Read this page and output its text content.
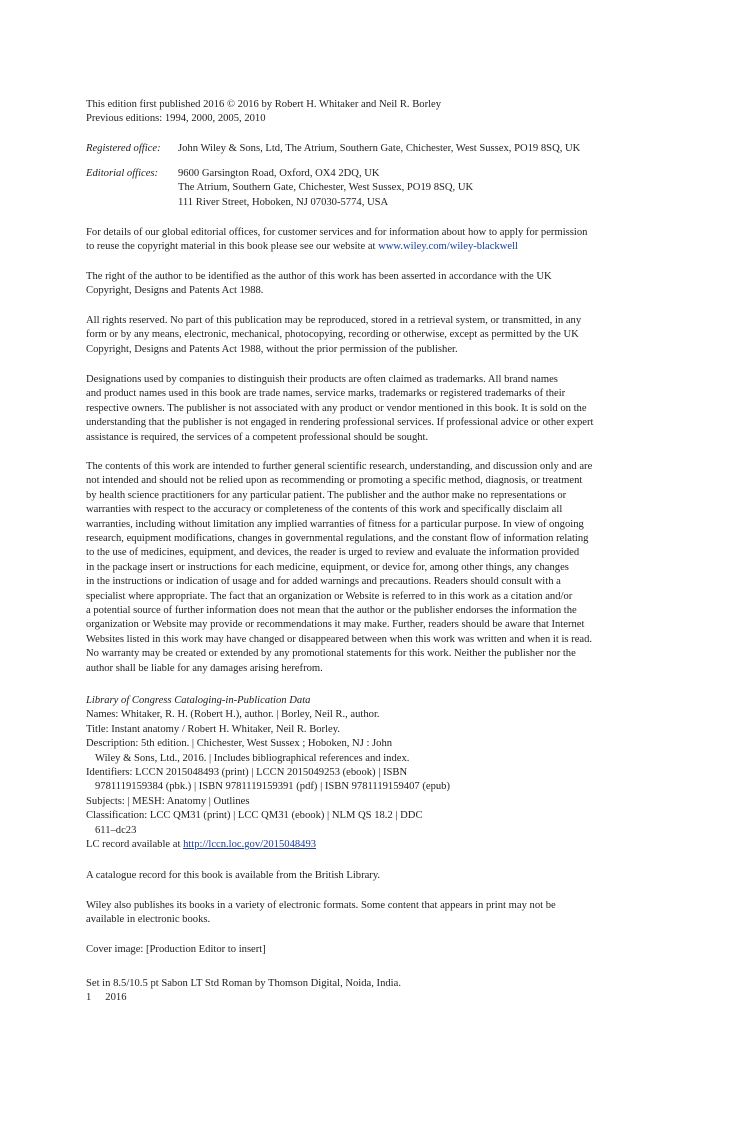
This edition first published 2016 © 2016 by Robert H. Whitaker and Neil R. Borley
Previous editions: 1994, 2000, 2005, 2010
Registered office: John Wiley & Sons, Ltd, The Atrium, Southern Gate, Chichester, West Sussex, PO19 8SQ, UK
Editorial offices: 9600 Garsington Road, Oxford, OX4 2DQ, UK
The Atrium, Southern Gate, Chichester, West Sussex, PO19 8SQ, UK
111 River Street, Hoboken, NJ 07030-5774, USA
For details of our global editorial offices, for customer services and for information about how to apply for permission
to reuse the copyright material in this book please see our website at www.wiley.com/wiley-blackwell
The right of the author to be identified as the author of this work has been asserted in accordance with the UK
Copyright, Designs and Patents Act 1988.
All rights reserved. No part of this publication may be reproduced, stored in a retrieval system, or transmitted, in any
form or by any means, electronic, mechanical, photocopying, recording or otherwise, except as permitted by the UK
Copyright, Designs and Patents Act 1988, without the prior permission of the publisher.
Designations used by companies to distinguish their products are often claimed as trademarks. All brand names
and product names used in this book are trade names, service marks, trademarks or registered trademarks of their
respective owners. The publisher is not associated with any product or vendor mentioned in this book. It is sold on the
understanding that the publisher is not engaged in rendering professional services. If professional advice or other expert
assistance is required, the services of a competent professional should be sought.
The contents of this work are intended to further general scientific research, understanding, and discussion only and are
not intended and should not be relied upon as recommending or promoting a specific method, diagnosis, or treatment
by health science practitioners for any particular patient. The publisher and the author make no representations or
warranties with respect to the accuracy or completeness of the contents of this work and specifically disclaim all
warranties, including without limitation any implied warranties of fitness for a particular purpose. In view of ongoing
research, equipment modifications, changes in governmental regulations, and the constant flow of information relating
to the use of medicines, equipment, and devices, the reader is urged to review and evaluate the information provided
in the package insert or instructions for each medicine, equipment, or device for, among other things, any changes
in the instructions or indication of usage and for added warnings and precautions. Readers should consult with a
specialist where appropriate. The fact that an organization or Website is referred to in this work as a citation and/or
a potential source of further information does not mean that the author or the publisher endorses the information the
organization or Website may provide or recommendations it may make. Further, readers should be aware that Internet
Websites listed in this work may have changed or disappeared between when this work was written and when it is read.
No warranty may be created or extended by any promotional statements for this work. Neither the publisher nor the
author shall be liable for any damages arising herefrom.
Library of Congress Cataloging-in-Publication Data
Names: Whitaker, R. H. (Robert H.), author. | Borley, Neil R., author.
Title: Instant anatomy / Robert H. Whitaker, Neil R. Borley.
Description: 5th edition. | Chichester, West Sussex ; Hoboken, NJ : John
Wiley & Sons, Ltd., 2016. | Includes bibliographical references and index.
Identifiers: LCCN 2015048493 (print) | LCCN 2015049253 (ebook) | ISBN
9781119159384 (pbk.) | ISBN 9781119159391 (pdf) | ISBN 9781119159407 (epub)
Subjects: | MESH: Anatomy | Outlines
Classification: LCC QM31 (print) | LCC QM31 (ebook) | NLM QS 18.2 | DDC
611–dc23
LC record available at http://lccn.loc.gov/2015048493
A catalogue record for this book is available from the British Library.
Wiley also publishes its books in a variety of electronic formats. Some content that appears in print may not be
available in electronic books.
Cover image: [Production Editor to insert]
Set in 8.5/10.5 pt Sabon LT Std Roman by Thomson Digital, Noida, India.
1 2016
